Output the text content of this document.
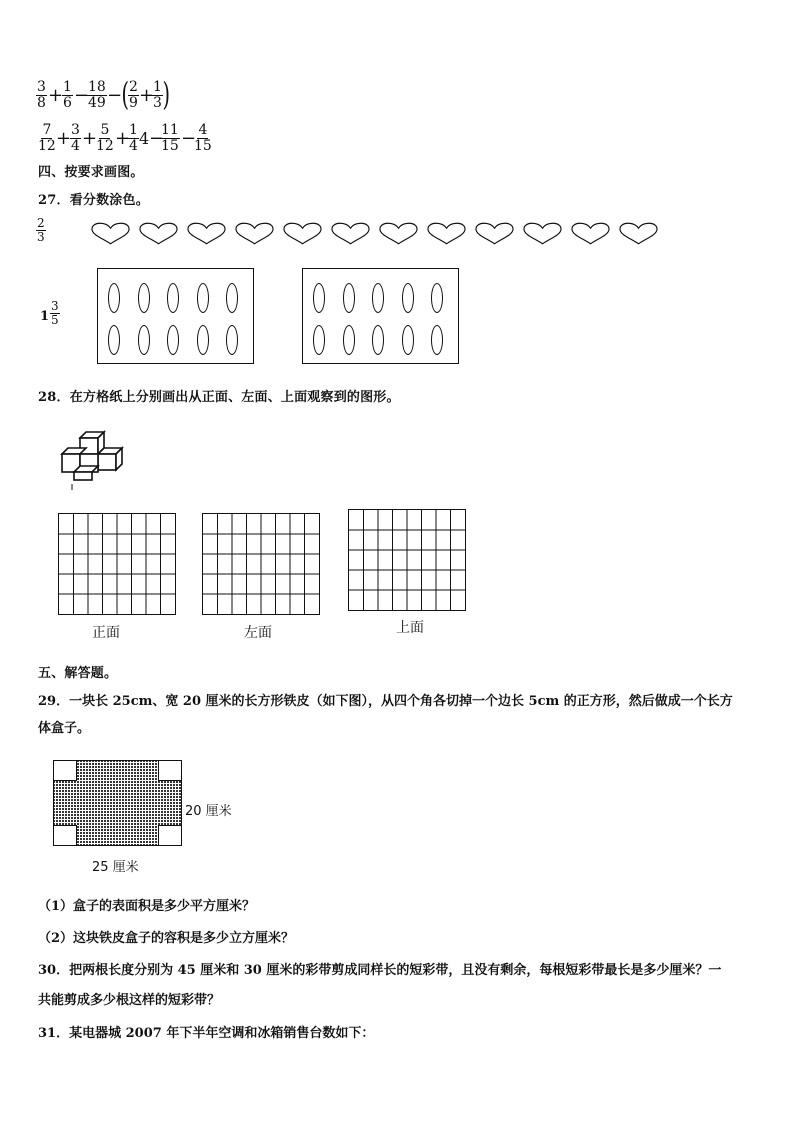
$\frac{3}{8}$ +
$\frac{1}{6}$ −
$\frac{18}{49}$ − ( $\frac{2}{9}$ +
$\frac{1}{3}$ )
$\frac{7}{12}$ +
$\frac{3}{4}$ +
$\frac{5}{12}$ +
$\frac{1}{4} 4$ −
$\frac{11}{15}$ −
$\frac{4}{15}$
四、按要求画图。
27．看分数涂色。
$\frac{2}{3}$
$1 \frac{3}{5}$
28．在方格纸上分别画出从正面、左面、上面观察到的图形。
正面	左面	上面
五、解答题。
29．一块长 25cm、宽 20 厘米的长方形铁皮（如下图），从四个角各切掉一个边长 5cm 的正方形，然后做成一个长方
体盒子。
20 厘米
25 厘米
（1）盒子的表面积是多少平方厘米？
（2）这块铁皮盒子的容积是多少立方厘米？
30．把两根长度分别为 45 厘米和 30 厘米的彩带剪成同样长的短彩带，且没有剩余，每根短彩带最长是多少厘米？一
共能剪成多少根这样的短彩带？
31．某电器城 2007 年下半年空调和冰箱销售台数如下：
